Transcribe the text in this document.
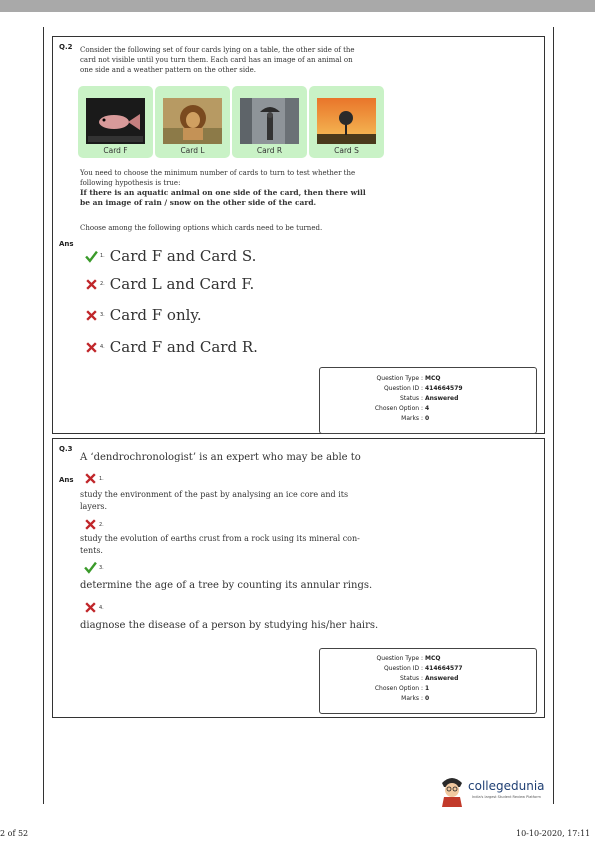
Q.2 Consider the following set of four cards lying on a table, the other side of the
card not visible until you turn them. Each card has an image of an animal on
one side and a weather pattern on the other side.
Card F	Card L	Card R	Card S
You need to choose the minimum number of cards to turn to test whether the
following hypothesis is true:
If there is an aquatic animal on one side of the card, then there will
be an image of rain / snow on the other side of the card.
Choose among the following options which cards need to be turned.
Ans
1. Card F and Card S.
2. Card L and Card F.
3. Card F only.
4. Card F and Card R.
Question Type : MCQ
Question ID : 414664579
Status : Answered
Chosen Option : 4
Marks : 0
Q.3
A ‘dendrochronologist’ is an expert who may be able to
Ans	1.
study the environment of the past by analysing an ice core and its
layers.
2.
study the evolution of earths crust from a rock using its mineral con-
tents.
3.
determine the age of a tree by counting its annular rings.
4.
diagnose the disease of a person by studying his/her hairs.
Question Type : MCQ
Question ID : 414664577
Status : Answered
Chosen Option : 1
Marks : 0
collegedunia
India's largest Student Review Platform
2 of 52	10-10-2020, 17:11
